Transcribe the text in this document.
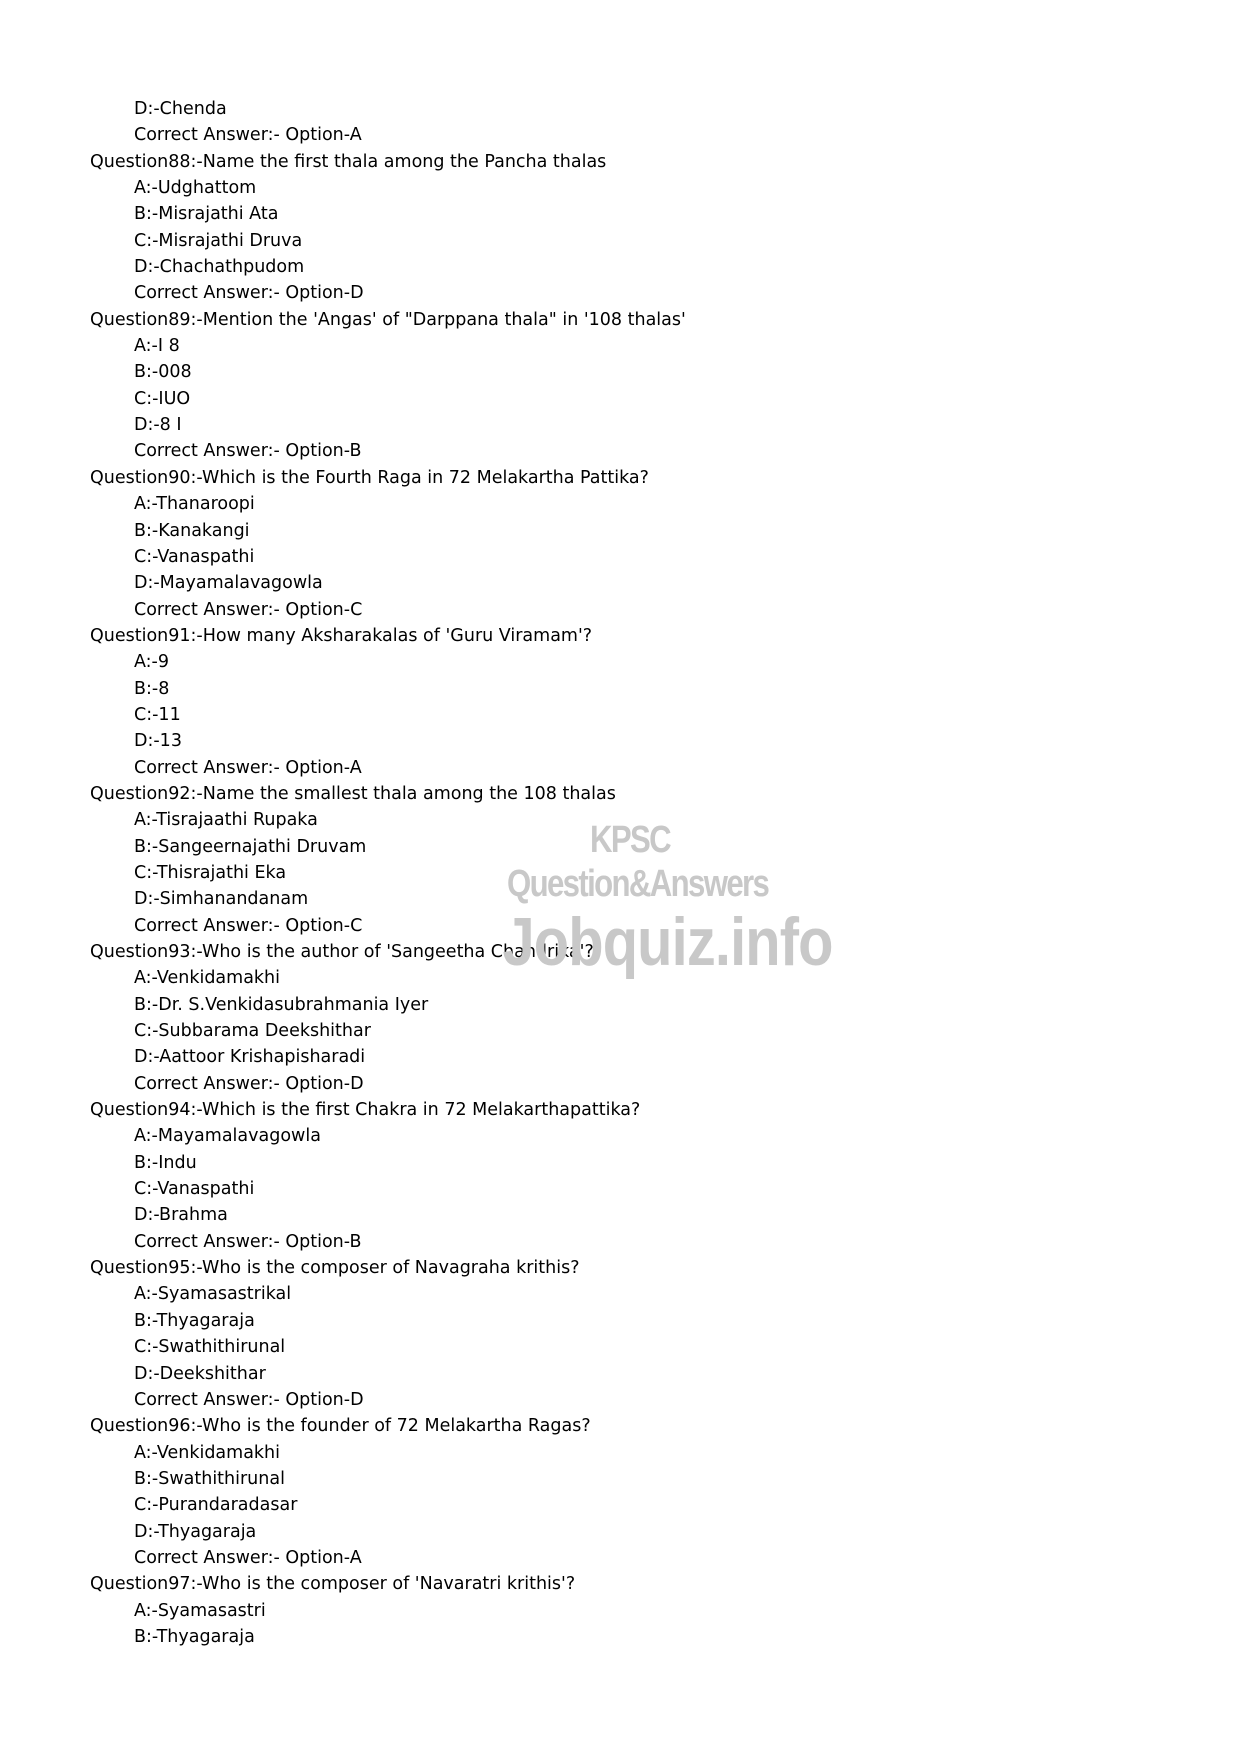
D:-Chenda
Correct Answer:- Option-A
Question88:-Name the first thala among the Pancha thalas
A:-Udghattom
B:-Misrajathi Ata
C:-Misrajathi Druva
D:-Chachathpudom
Correct Answer:- Option-D
Question89:-Mention the 'Angas' of "Darppana thala" in '108 thalas'
A:-I 8
B:-008
C:-IUO
D:-8 I
Correct Answer:- Option-B
Question90:-Which is the Fourth Raga in 72 Melakartha Pattika?
A:-Thanaroopi
B:-Kanakangi
C:-Vanaspathi
D:-Mayamalavagowla
Correct Answer:- Option-C
Question91:-How many Aksharakalas of 'Guru Viramam'?
A:-9
B:-8
C:-11
D:-13
Correct Answer:- Option-A
Question92:-Name the smallest thala among the 108 thalas
A:-Tisrajaathi Rupaka
B:-Sangeernajathi Druvam
C:-Thisrajathi Eka
D:-Simhanandanam
Correct Answer:- Option-C
Question93:-Who is the author of 'Sangeetha Chandrika'?
A:-Venkidamakhi
B:-Dr. S.Venkidasubrahmania Iyer
C:-Subbarama Deekshithar
D:-Aattoor Krishapisharadi
Correct Answer:- Option-D
Question94:-Which is the first Chakra in 72 Melakarthapattika?
A:-Mayamalavagowla
B:-Indu
C:-Vanaspathi
D:-Brahma
Correct Answer:- Option-B
Question95:-Who is the composer of Navagraha krithis?
A:-Syamasastrikal
B:-Thyagaraja
C:-Swathithirunal
D:-Deekshithar
Correct Answer:- Option-D
Question96:-Who is the founder of 72 Melakartha Ragas?
A:-Venkidamakhi
B:-Swathithirunal
C:-Purandaradasar
D:-Thyagaraja
Correct Answer:- Option-A
Question97:-Who is the composer of 'Navaratri krithis'?
A:-Syamasastri
B:-Thyagaraja
KPSC Question&Answers
Jobquiz.info
